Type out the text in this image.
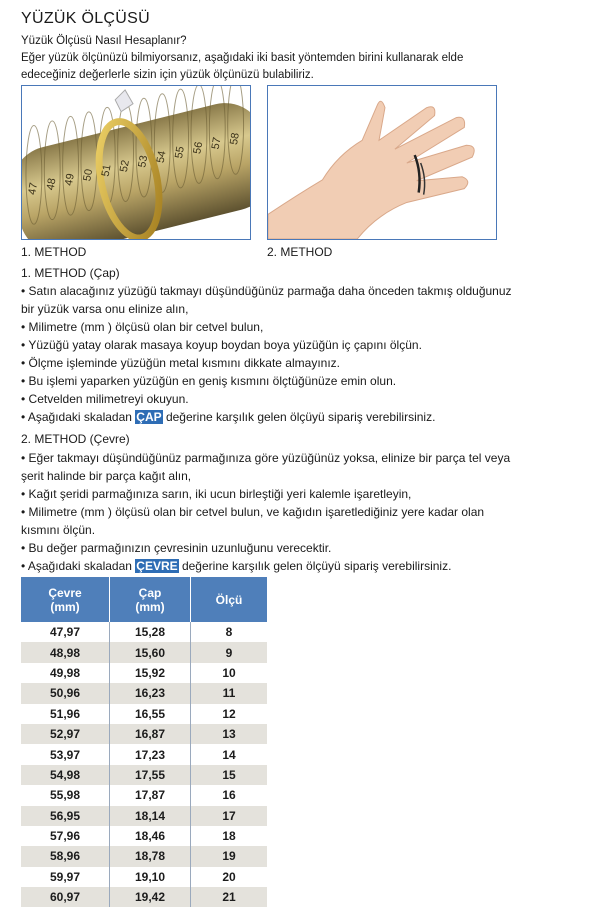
YÜZÜK ÖLÇÜSÜ
Yüzük Ölçüsü Nasıl Hesaplanır?
Eğer yüzük ölçünüzü bilmiyorsanız, aşağıdaki iki basit yöntemden birini kullanarak elde
edeceğiniz değerlerle sizin için yüzük ölçünüzü bulabiliriz.
47 48 49 50 51 52 53 54 55 56 57 58
1. METHOD	2. METHOD
1. METHOD (Çap)
• Satın alacağınız yüzüğü takmayı düşündüğünüz parmağa daha önceden takmış olduğunuz
bir yüzük varsa onu elinize alın,
• Milimetre (mm ) ölçüsü olan bir cetvel bulun,
• Yüzüğü yatay olarak masaya koyup boydan boya yüzüğün iç çapını ölçün.
• Ölçme işleminde yüzüğün metal kısmını dikkate almayınız.
• Bu işlemi yaparken yüzüğün en geniş kısmını ölçtüğünüze emin olun.
• Cetvelden milimetreyi okuyun.
• Aşağıdaki skaladan ÇAP değerine karşılık gelen ölçüyü sipariş verebilirsiniz.
2. METHOD (Çevre)
• Eğer takmayı düşündüğünüz parmağınıza göre yüzüğünüz yoksa, elinize bir parça tel veya
şerit halinde bir parça kağıt alın,
• Kağıt şeridi parmağınıza sarın, iki ucun birleştiği yeri kalemle işaretleyin,
• Milimetre (mm ) ölçüsü olan bir cetvel bulun, ve kağıdın işaretlediğiniz yere kadar olan
kısmını ölçün.
• Bu değer parmağınızın çevresinin uzunluğunu verecektir.
• Aşağıdaki skaladan ÇEVRE değerine karşılık gelen ölçüyü sipariş verebilirsiniz.
Çevre
(mm)	Çap
(mm)	Ölçü
47,97	15,28	8
48,98	15,60	9
49,98	15,92	10
50,96	16,23	11
51,96	16,55	12
52,97	16,87	13
53,97	17,23	14
54,98	17,55	15
55,98	17,87	16
56,95	18,14	17
57,96	18,46	18
58,96	18,78	19
59,97	19,10	20
60,97	19,42	21
